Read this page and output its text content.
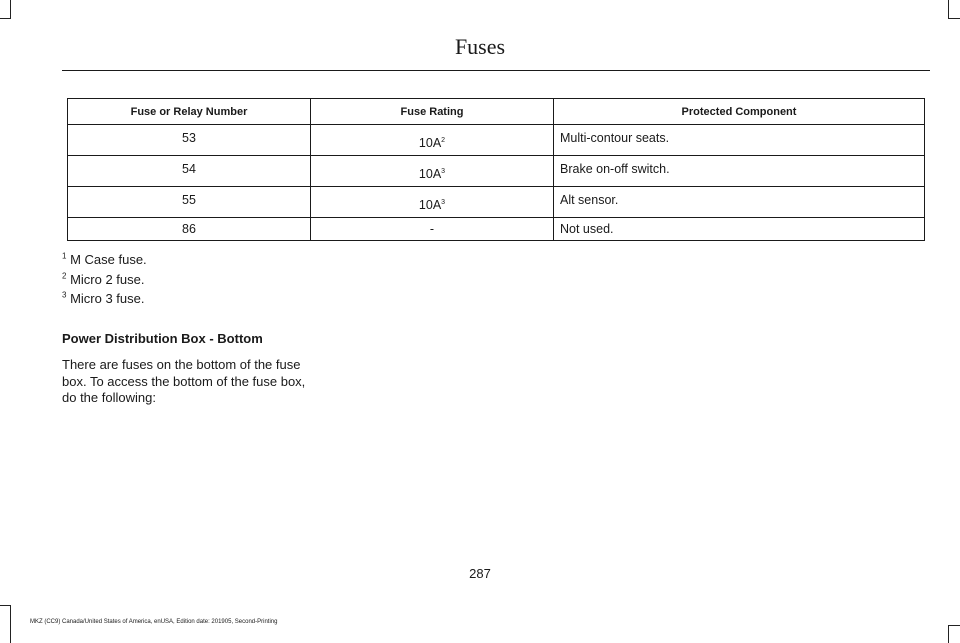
Fuses
Fuse or Relay Number	Fuse Rating	Protected Component
53	$10A^2$	Multi-contour seats.
54	$10A^3$	Brake on-off switch.
55	$10A^3$	Alt sensor.
86	-	Not used.
$^1$ M Case fuse.
$^2$ Micro 2 fuse.
$^3$ Micro 3 fuse.
Power Distribution Box - Bottom
There are fuses on the bottom of the fuse
box. To access the bottom of the fuse box,
do the following:
287
MKZ (CC9) Canada/United States of America, enUSA, Edition date: 201905, Second-Printing
